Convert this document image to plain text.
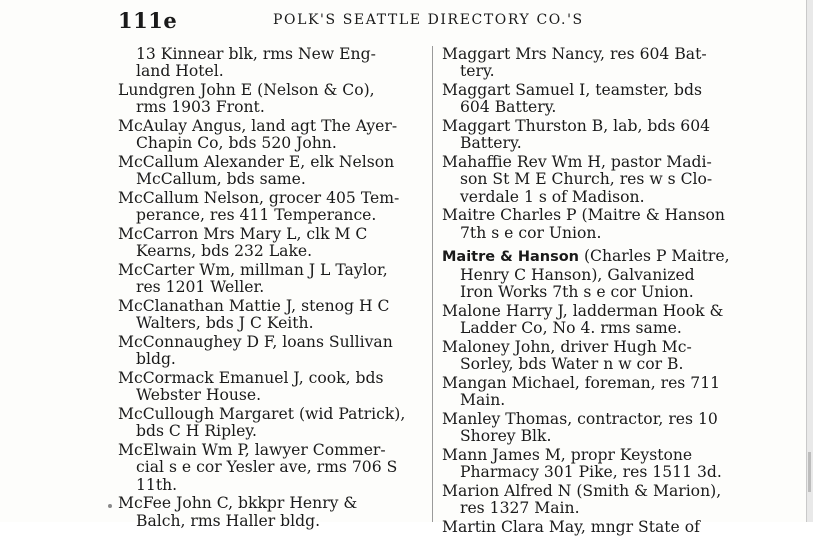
111e	POLK'S SEATTLE DIRECTORY CO.'S
13 Kinnear blk, rms New Eng-
land Hotel.
Lundgren John E (Nelson & Co),
rms 1903 Front.
McAulay Angus, land agt The Ayer-
Chapin Co, bds 520 John.
McCallum Alexander E, elk Nelson
McCallum, bds same.
McCallum Nelson, grocer 405 Tem-
perance, res 411 Temperance.
McCarron Mrs Mary L, clk M C
Kearns, bds 232 Lake.
McCarter Wm, millman J L Taylor,
res 1201 Weller.
McClanathan Mattie J, stenog H C
Walters, bds J C Keith.
McConnaughey D F, loans Sullivan
bldg.
McCormack Emanuel J, cook, bds
Webster House.
McCullough Margaret (wid Patrick),
bds C H Ripley.
McElwain Wm P, lawyer Commer-
cial s e cor Yesler ave, rms 706 S
11th.
McFee John C, bkkpr Henry &
Balch, rms Haller bldg.
Maggart Mrs Nancy, res 604 Bat-
tery.
Maggart Samuel I, teamster, bds
604 Battery.
Maggart Thurston B, lab, bds 604
Battery.
Mahaffie Rev Wm H, pastor Madi-
son St M E Church, res w s Clo-
verdale 1 s of Madison.
Maitre Charles P (Maitre & Hanson
7th s e cor Union.
Maitre & Hanson (Charles P Maitre,
Henry C Hanson), Galvanized
Iron Works 7th s e cor Union.
Malone Harry J, ladderman Hook &
Ladder Co, No 4. rms same.
Maloney John, driver Hugh Mc-
Sorley, bds Water n w cor B.
Mangan Michael, foreman, res 711
Main.
Manley Thomas, contractor, res 10
Shorey Blk.
Mann James M, propr Keystone
Pharmacy 301 Pike, res 1511 3d.
Marion Alfred N (Smith & Marion),
res 1327 Main.
Martin Clara May, mngr State of
